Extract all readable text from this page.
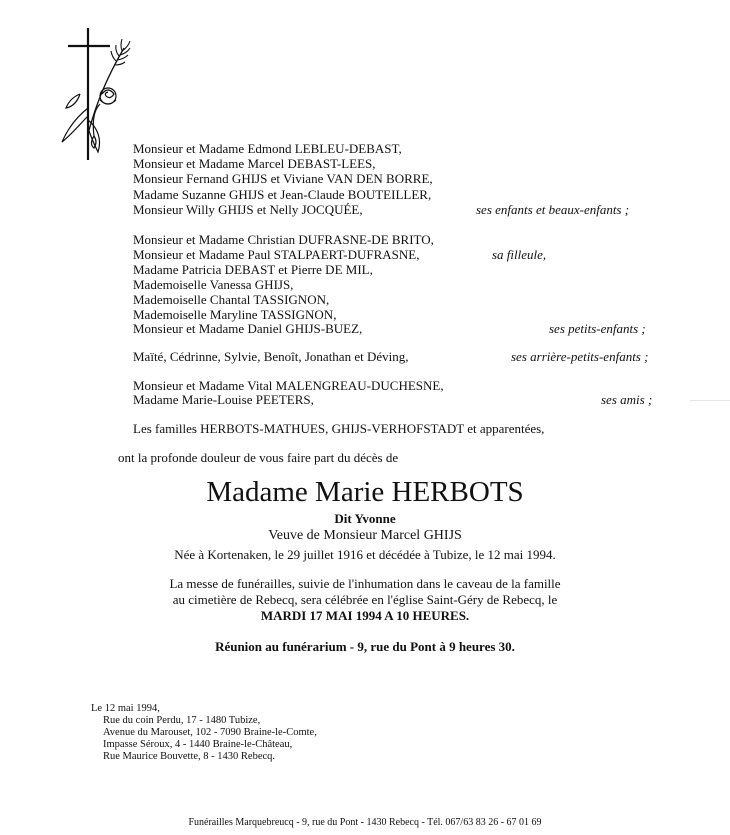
Monsieur et Madame Edmond LEBLEU-DEBAST,
Monsieur et Madame Marcel DEBAST-LEES,
Monsieur Fernand GHIJS et Viviane VAN DEN BORRE,
Madame Suzanne GHIJS et Jean-Claude BOUTEILLER,
Monsieur Willy GHIJS et Nelly JOCQUÉE,	ses enfants et beaux-enfants ;
Monsieur et Madame Christian DUFRASNE-DE BRITO,
Monsieur et Madame Paul STALPAERT-DUFRASNE,	sa filleule,
Madame Patricia DEBAST et Pierre DE MIL,
Mademoiselle Vanessa GHIJS,
Mademoiselle Chantal TASSIGNON,
Mademoiselle Maryline TASSIGNON,
Monsieur et Madame Daniel GHIJS-BUEZ,	ses petits-enfants ;
Maïté, Cédrinne, Sylvie, Benoît, Jonathan et Déving,	ses arrière-petits-enfants ;
Monsieur et Madame Vital MALENGREAU-DUCHESNE,
Madame Marie-Louise PEETERS,	ses amis ;
Les familles HERBOTS-MATHUES, GHIJS-VERHOFSTADT et apparentées,
ont la profonde douleur de vous faire part du décès de
Madame Marie HERBOTS
Dit Yvonne
Veuve de Monsieur Marcel GHIJS
Née à Kortenaken, le 29 juillet 1916 et décédée à Tubize, le 12 mai 1994.
La messe de funérailles, suivie de l'inhumation dans le caveau de la famille
au cimetière de Rebecq, sera célébrée en l'église Saint-Géry de Rebecq, le
MARDI 17 MAI 1994 A 10 HEURES.
Réunion au funérarium - 9, rue du Pont à 9 heures 30.
Le 12 mai 1994,
Rue du coin Perdu, 17 - 1480 Tubize,
Avenue du Marouset, 102 - 7090 Braine-le-Comte,
Impasse Séroux, 4 - 1440 Braine-le-Château,
Rue Maurice Bouvette, 8 - 1430 Rebecq.
Funérailles Marquebreucq - 9, rue du Pont - 1430 Rebecq - Tél. 067/63 83 26 - 67 01 69
